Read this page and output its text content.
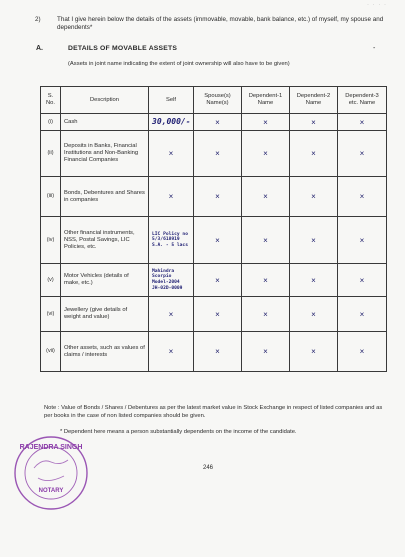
· · · ·
2)	That I give herein below the details of the assets (immovable, movable, bank balance, etc.) of myself, my spouse and dependents*
A.	DETAILS OF MOVABLE ASSETS	-
(Assets in joint name indicating the extent of joint ownership will also have to be given)
S. No.	Description	Self	Spouse(s) Name(s)	Dependent-1 Name	Dependent-2 Name	Dependent-3 etc. Name
(i)	Cash	30,000/-	×	×	×	×
(ii)	Deposits in Banks, Financial Institutions and Non-Banking Financial Companies	×	×	×	×	×
(iii)	Bonds, Debentures and Shares in companies	×	×	×	×	×
(iv)	Other financial instruments, NSS, Postal Savings, LIC Policies, etc.	LIC Policy no
5/3/618919
S.A. - 5 lacs	×	×	×	×
(v)	Motor Vehicles (details of make, etc.)	Mahindra
Scorpio
Model-2004
JH-02D-0009	×	×	×	×
(vi)	Jewellery (give details of weight and value)	×	×	×	×	×
(vii)	Other assets, such as values of claims / interests	×	×	×	×	×
Note : Value of Bonds / Shares / Debentures as per the latest market value in Stock Exchange in respect of listed companies and as per books in the case of non listed companies should be given.
* Dependent here means a person substantially dependents on the income of the candidate.
246
RAJENDRA SINGH
NOTARY
